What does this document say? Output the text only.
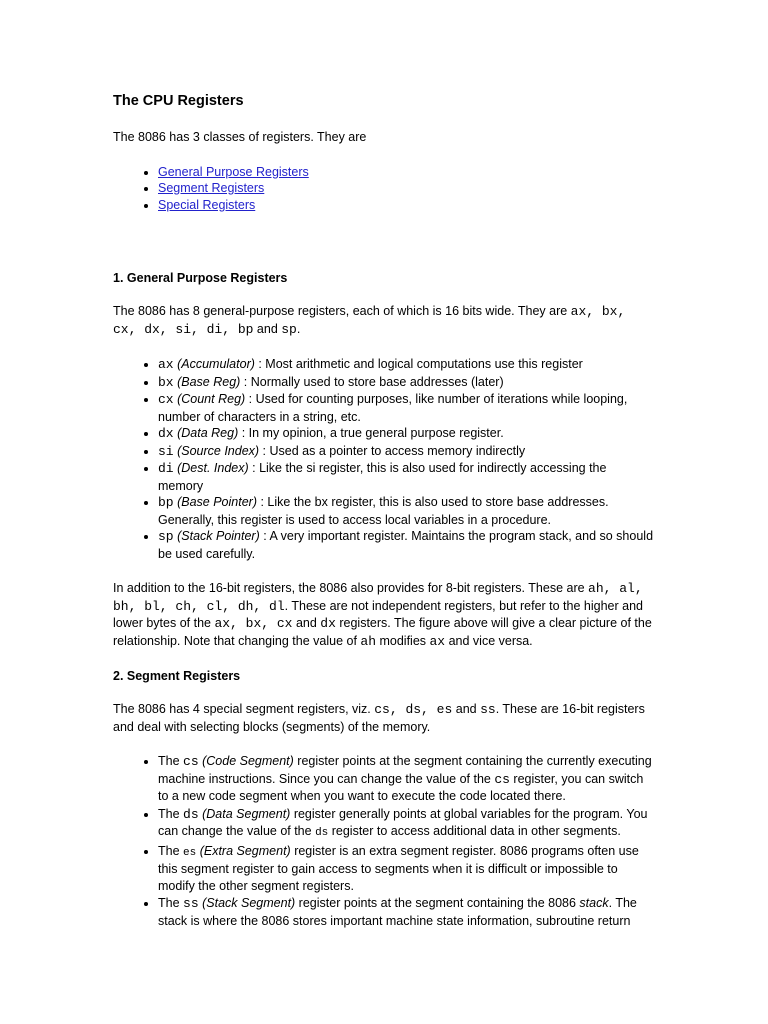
The CPU Registers

The 8086 has 3 classes of registers. They are

• General Purpose Registers
• Segment Registers
• Special Registers
1. General Purpose Registers

The 8086 has 8 general-purpose registers, each of which is 16 bits wide. They are ax, bx, cx, dx, si, di, bp and sp.

• ax (Accumulator) : Most arithmetic and logical computations use this register
• bx (Base Reg) : Normally used to store base addresses (later)
• cx (Count Reg) : Used for counting purposes, like number of iterations while looping, number of characters in a string, etc.
• dx (Data Reg) : In my opinion, a true general purpose register.
• si (Source Index) : Used as a pointer to access memory indirectly
• di (Dest. Index) : Like the si register, this is also used for indirectly accessing the memory
• bp (Base Pointer) : Like the bx register, this is also used to store base addresses. Generally, this register is used to access local variables in a procedure.
• sp (Stack Pointer) : A very important register. Maintains the program stack, and so should be used carefully.

In addition to the 16-bit registers, the 8086 also provides for 8-bit registers. These are ah, al, bh, bl, ch, cl, dh, dl. These are not independent registers, but refer to the higher and lower bytes of the ax, bx, cx and dx registers. The figure above will give a clear picture of the relationship. Note that changing the value of ah modifies ax and vice versa.

2. Segment Registers

The 8086 has 4 special segment registers, viz. cs, ds, es and ss. These are 16-bit registers and deal with selecting blocks (segments) of the memory.

• The cs (Code Segment) register points at the segment containing the currently executing machine instructions. Since you can change the value of the cs register, you can switch to a new code segment when you want to execute the code located there.
• The ds (Data Segment) register generally points at global variables for the program. You can change the value of the ds register to access additional data in other segments.
• The es (Extra Segment) register is an extra segment register. 8086 programs often use this segment register to gain access to segments when it is difficult or impossible to modify the other segment registers.
• The ss (Stack Segment) register points at the segment containing the 8086 stack. The stack is where the 8086 stores important machine state information, subroutine return
